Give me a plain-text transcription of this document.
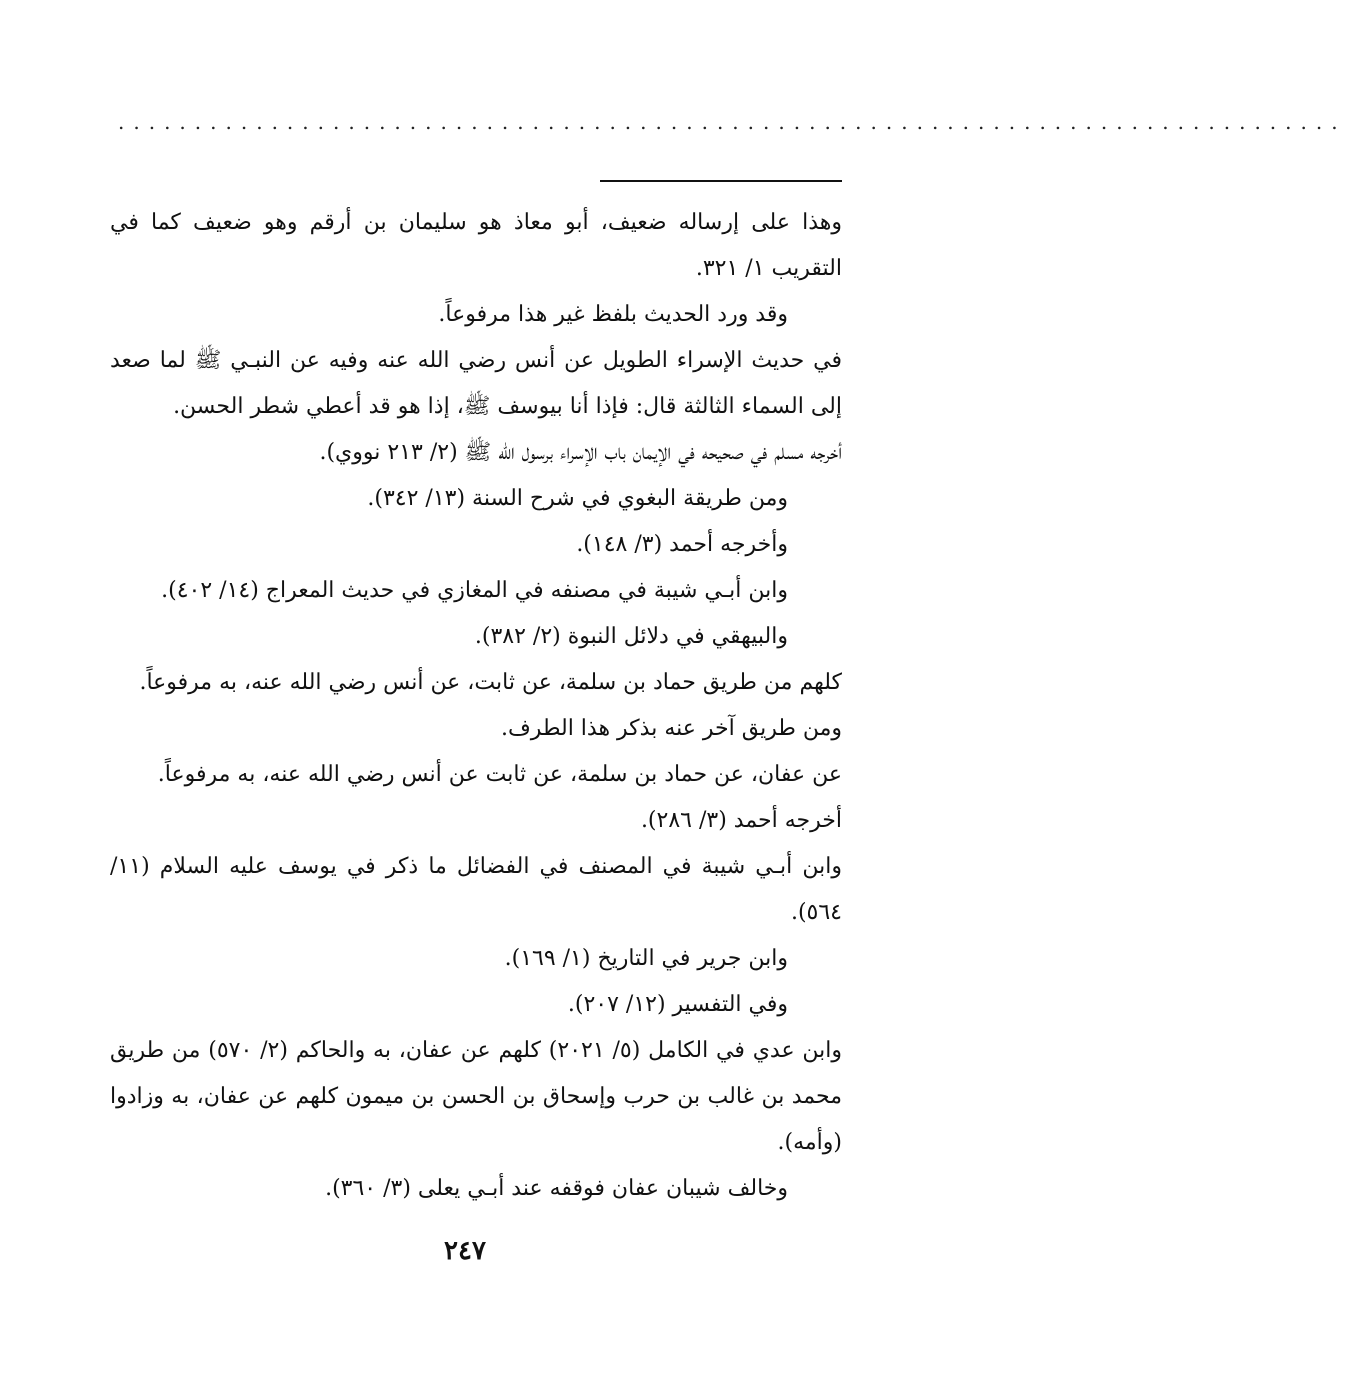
................................................................................

وهذا على إرساله ضعيف، أبو معاذ هو سليمان بن أرقم وهو ضعيف كما في التقريب ١/ ٣٢١.

وقد ورد الحديث بلفظ غير هذا مرفوعاً.

في حديث الإسراء الطويل عن أنس رضي الله عنه وفيه عن النبـي ﷺ لما صعد إلى السماء الثالثة قال: فإذا أنا بيوسف ﷺ، إذا هو قد أعطي شطر الحسن.

أخرجه مسلم في صحيحه في الإيمان باب الإسراء برسول الله ﷺ (٢/ ٢١٣ نووي).

ومن طريقة البغوي في شرح السنة (١٣/ ٣٤٢).

وأخرجه أحمد (٣/ ١٤٨).

وابن أبـي شيبة في مصنفه في المغازي في حديث المعراج (١٤/ ٤٠٢).

والبيهقي في دلائل النبوة (٢/ ٣٨٢).

كلهم من طريق حماد بن سلمة، عن ثابت، عن أنس رضي الله عنه، به مرفوعاً.

ومن طريق آخر عنه بذكر هذا الطرف.

عن عفان، عن حماد بن سلمة، عن ثابت عن أنس رضي الله عنه، به مرفوعاً.

أخرجه أحمد (٣/ ٢٨٦).

وابن أبـي شيبة في المصنف في الفضائل ما ذكر في يوسف عليه السلام (١١/ ٥٦٤).

وابن جرير في التاريخ (١/ ١٦٩).

وفي التفسير (١٢/ ٢٠٧).

وابن عدي في الكامل (٥/ ٢٠٢١) كلهم عن عفان، به والحاكم (٢/ ٥٧٠) من طريق محمد بن غالب بن حرب وإسحاق بن الحسن بن ميمون كلهم عن عفان، به وزادوا (وأمه).

وخالف شيبان عفان فوقفه عند أبـي يعلى (٣/ ٣٦٠).

٢٤٧
